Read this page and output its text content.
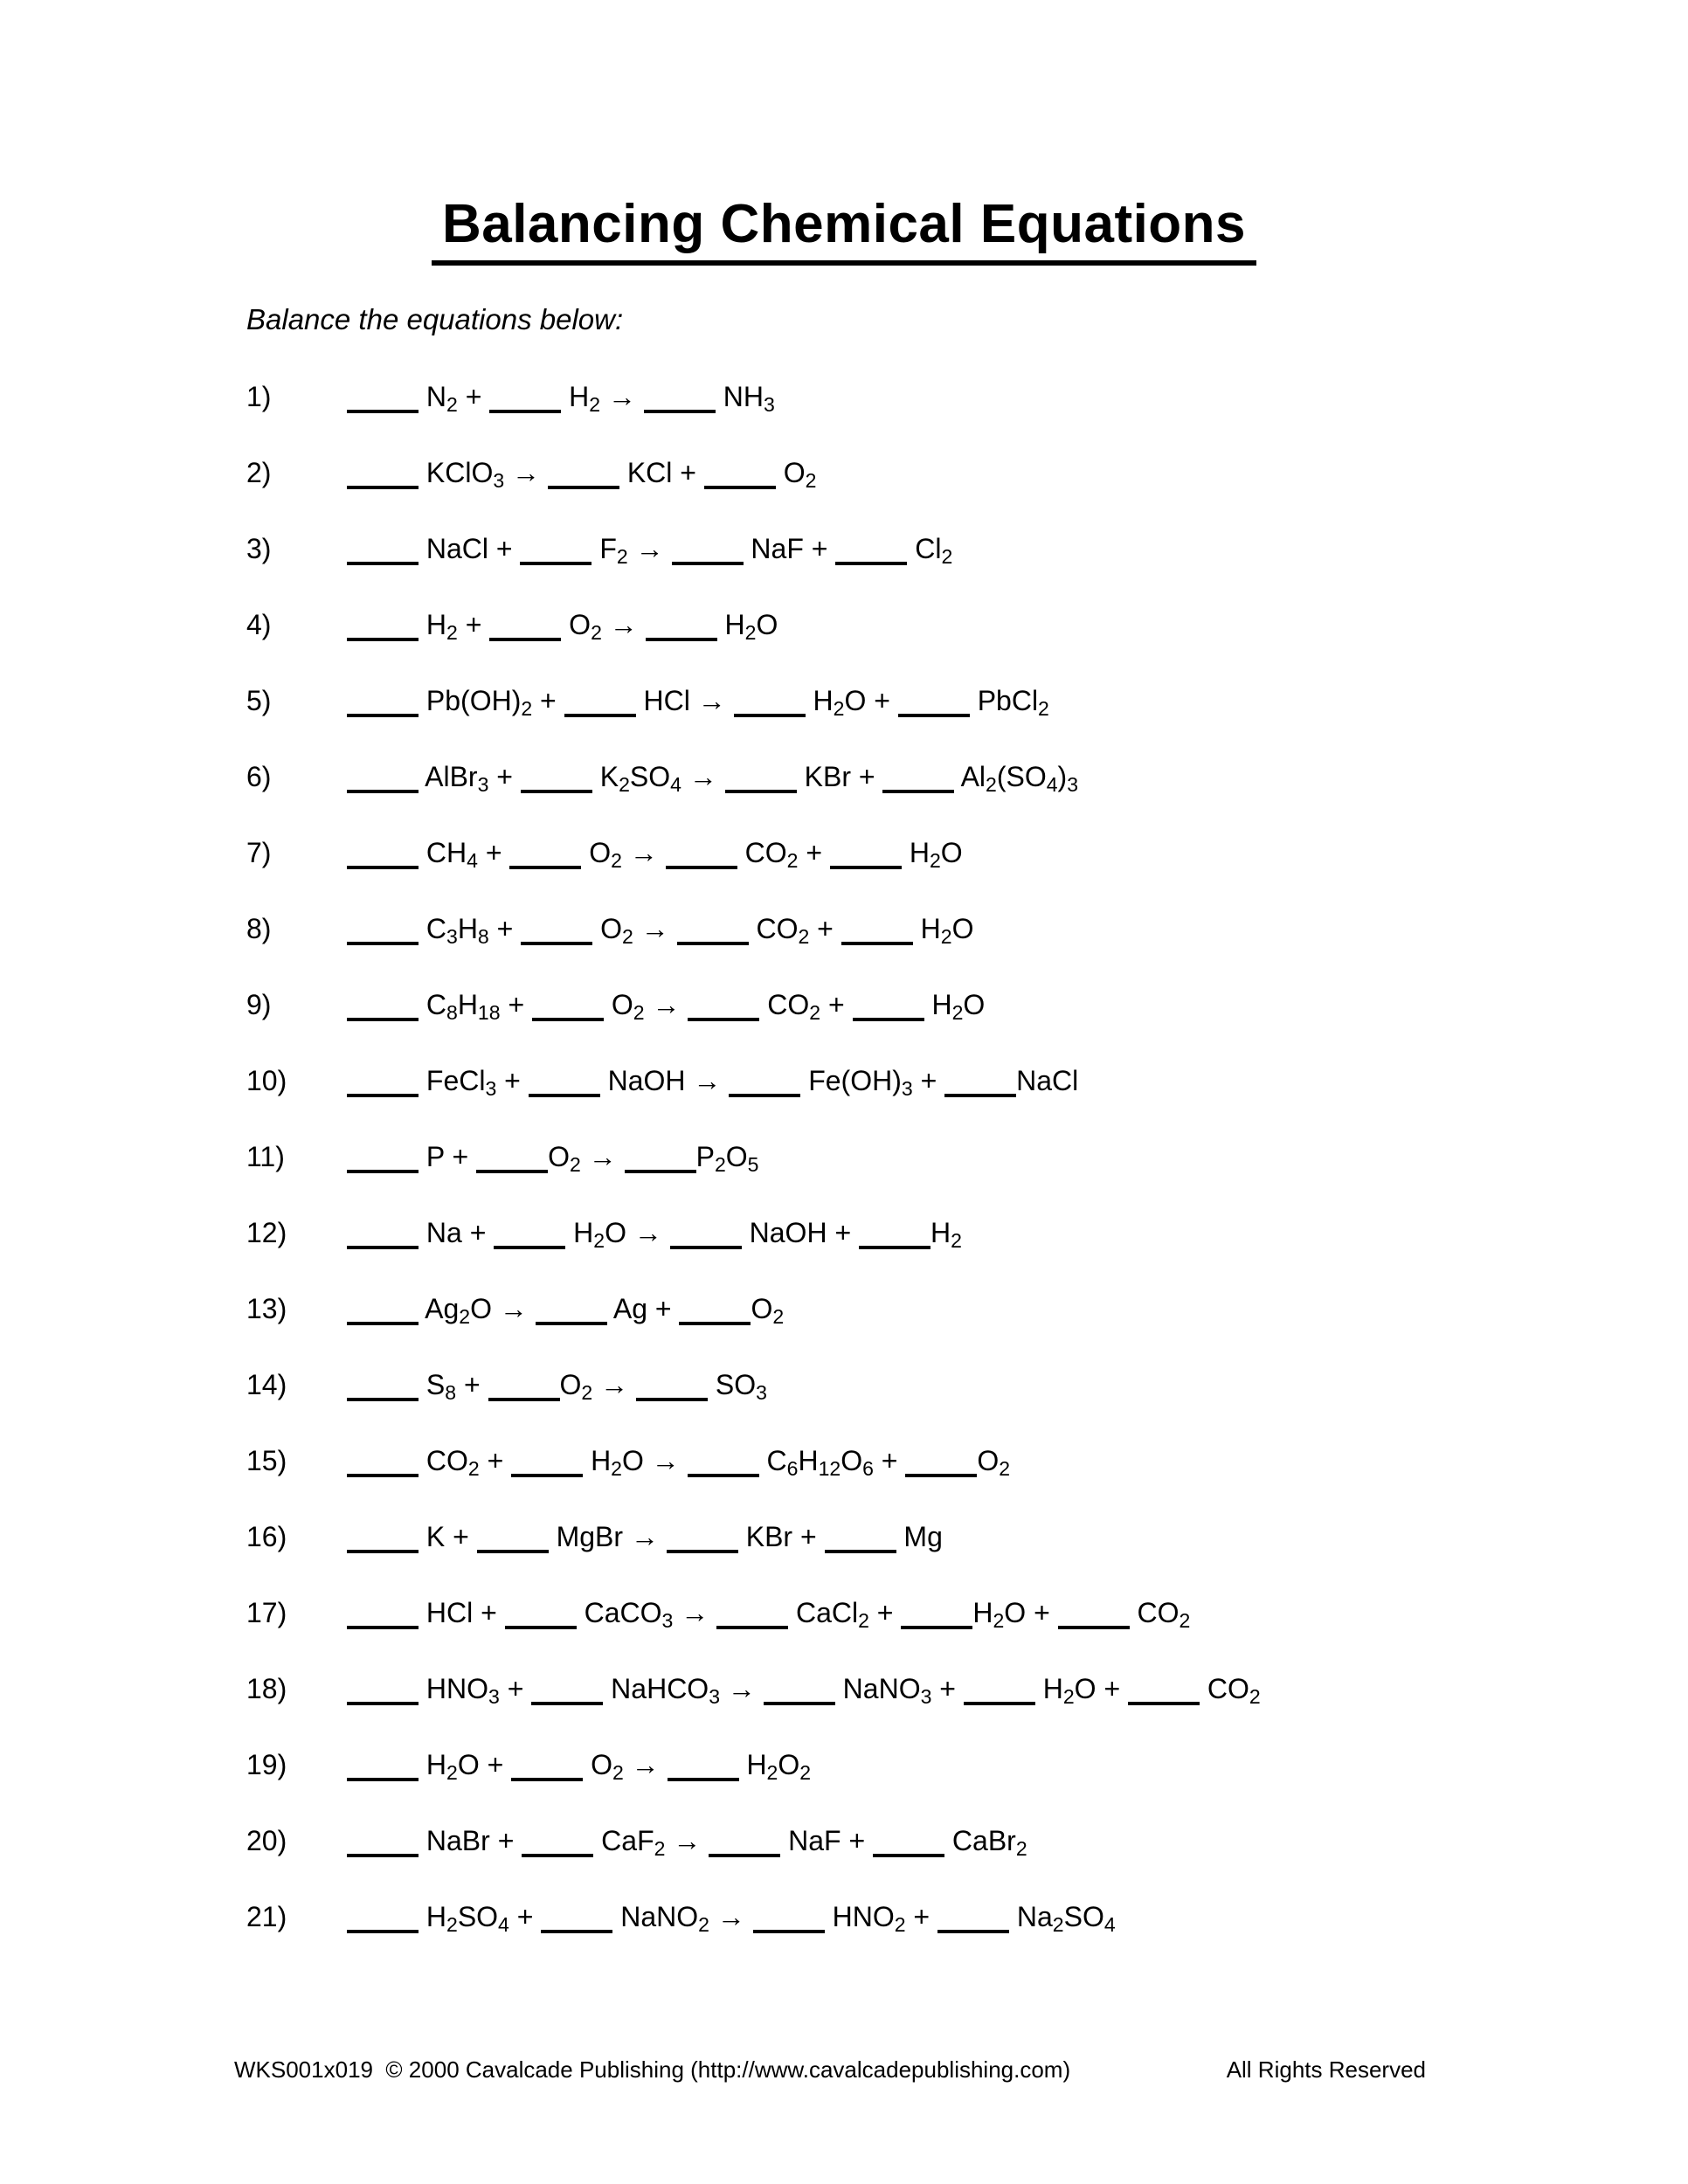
Balancing Chemical Equations

Balance the equations below:

1)	$N_2$ +	$H_2$ →	$NH_3$
2)	KClO$_3$ →	KCl +	$O_2$
3)	NaCl +	$F_2$ →	NaF +	$Cl_2$
4)	$H_2$ +	$O_2$ →	$H_2O$
5)	$Pb(OH)_2$ +	HCl →	$H_2O$ +	PbCl$_2$
6)	AlBr$_3$ +	$K_2SO_4$ →	KBr +	$Al_2(SO_4)_3$
7)	$CH_4$ +	$O_2$ →	$CO_2$ +	$H_2O$
8)	$C_3H_8$ +	$O_2$ →	$CO_2$ +	$H_2O$
9)	$C_8H_{18}$ +	$O_2$ →	$CO_2$ +	$H_2O$
10)	FeCl$_3$ +	NaOH →	$Fe(OH)_3$ +	NaCl
11)	P +	$O_2$ →	$P_2O_5$
12)	Na +	$H_2O$ →	NaOH +	$H_2$
13)	$Ag_2O$ →	Ag +	$O_2$
14)	$S_8$ +	$O_2$ →	$SO_3$
15)	$CO_2$ +	$H_2O$ →	$C_6H_{12}O_6$ +	$O_2$
16)	K +	MgBr →	KBr +	Mg
17)	HCl +	CaCO$_3$ →	CaCl$_2$ +	$H_2O$ +	$CO_2$
18)	$HNO_3$ +	NaHCO$_3$ →	NaNO$_3$ +	$H_2O$ +	$CO_2$
19)	$H_2O$ +	$O_2$ →	$H_2O_2$
20)	NaBr +	CaF$_2$ →	NaF +	CaBr$_2$
21)	$H_2SO_4$ +	NaNO$_2$ →	$HNO_2$ +	$Na_2SO_4$
WKS001x019  © 2000 Cavalcade Publishing (http://www.cavalcadepublishing.com)	All Rights Reserved
